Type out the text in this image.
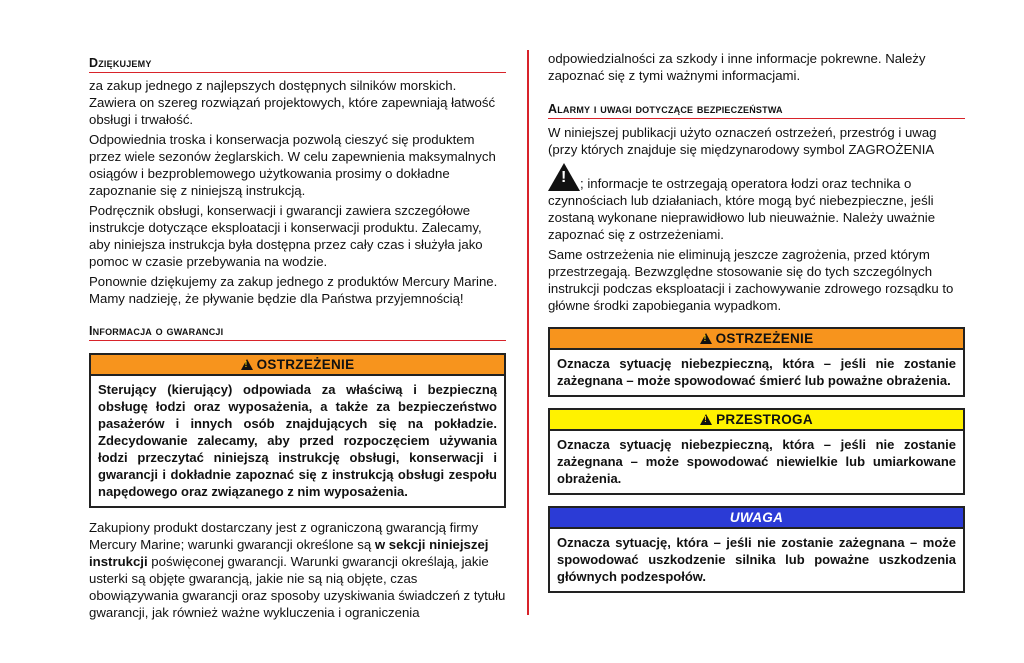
Dziękujemy

za zakup jednego z najlepszych dostępnych silników morskich. Zawiera on szereg rozwiązań projektowych, które zapewniają łatwość obsługi i trwałość.

Odpowiednia troska i konserwacja pozwolą cieszyć się produktem przez wiele sezonów żeglarskich. W celu zapewnienia maksymalnych osiągów i bezproblemowego użytkowania prosimy o dokładne zapoznanie się z niniejszą instrukcją.

Podręcznik obsługi, konserwacji i gwarancji zawiera szczegółowe instrukcje dotyczące eksploatacji i konserwacji produktu. Zalecamy, aby niniejsza instrukcja była dostępna przez cały czas i służyła jako pomoc w czasie przebywania na wodzie.

Ponownie dziękujemy za zakup jednego z produktów Mercury Marine. Mamy nadzieję, że pływanie będzie dla Państwa przyjemnością!

Informacja o gwarancji
!OSTRZEŻENIE
Sterujący (kierujący) odpowiada za właściwą i bezpieczną obsługę łodzi oraz wyposażenia, a także za bezpieczeństwo pasażerów i innych osób znajdujących się na pokładzie. Zdecydowanie zalecamy, aby przed rozpoczęciem używania łodzi przeczytać niniejszą instrukcję obsługi, konserwacji i gwarancji i dokładnie zapoznać się z instrukcją obsługi zespołu napędowego oraz związanego z nim wyposażenia.

Zakupiony produkt dostarczany jest z ograniczoną gwarancją firmy Mercury Marine; warunki gwarancji określone są w sekcji niniejszej instrukcji poświęconej gwarancji. Warunki gwarancji określają, jakie usterki są objęte gwarancją, jakie nie są nią objęte, czas obowiązywania gwarancji oraz sposoby uzyskiwania świadczeń z tytułu gwarancji, jak również ważne wykluczenia i ograniczenia

odpowiedzialności za szkody i inne informacje pokrewne. Należy zapoznać się z tymi ważnymi informacjami.

Alarmy i uwagi dotyczące bezpieczeństwa

W niniejszej publikacji użyto oznaczeń ostrzeżeń, przestróg i uwag (przy których znajduje się międzynarodowy symbol ZAGROŻENIA

!; informacje te ostrzegają operatora łodzi oraz technika o czynnościach lub działaniach, które mogą być niebezpieczne, jeśli zostaną wykonane nieprawidłowo lub nieuważnie. Należy uważnie zapoznać się z ostrzeżeniami.

Same ostrzeżenia nie eliminują jeszcze zagrożenia, przed którym przestrzegają. Bezwzględne stosowanie się do tych szczególnych instrukcji podczas eksploatacji i zachowywanie zdrowego rozsądku to główne środki zapobiegania wypadkom.

!OSTRZEŻENIE
Oznacza sytuację niebezpieczną, która – jeśli nie zostanie zażegnana – może spowodować śmierć lub poważne obrażenia.
!PRZESTROGA
Oznacza sytuację niebezpieczną, która – jeśli nie zostanie zażegnana – może spowodować niewielkie lub umiarkowane obrażenia.
UWAGA
Oznacza sytuację, która – jeśli nie zostanie zażegnana – może spowodować uszkodzenie silnika lub poważne uszkodzenia głównych podzespołów.
